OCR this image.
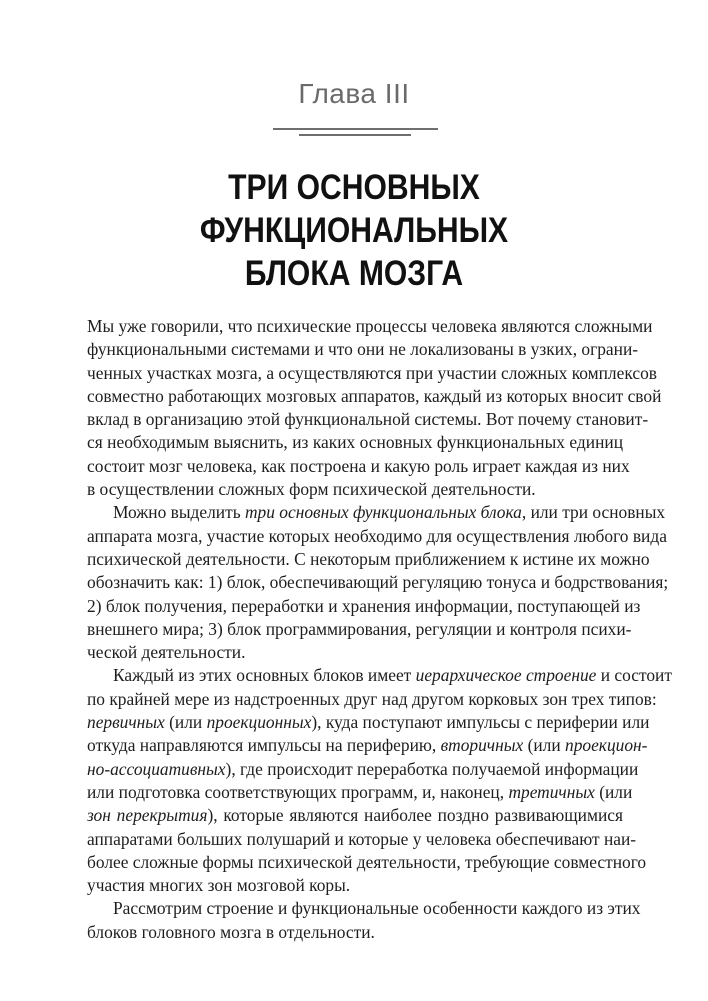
Глава III
ТРИ ОСНОВНЫХ
ФУНКЦИОНАЛЬНЫХ
БЛОКА МОЗГА

Мы уже говорили, что психические процессы человека являются сложными
функциональными системами и что они не локализованы в узких, ограни-
ченных участках мозга, а осуществляются при участии сложных комплексов
совместно работающих мозговых аппаратов, каждый из которых вносит свой
вклад в организацию этой функциональной системы. Вот почему становит-
ся необходимым выяснить, из каких основных функциональных единиц
состоит мозг человека, как построена и какую роль играет каждая из них
в осуществлении сложных форм психической деятельности.

Можно выделить три основных функциональных блока, или три основных
аппарата мозга, участие которых необходимо для осуществления любого вида
психической деятельности. С некоторым приближением к истине их можно
обозначить как: 1) блок, обеспечивающий регуляцию тонуса и бодрствования;
2) блок получения, переработки и хранения информации, поступающей из
внешнего мира; 3) блок программирования, регуляции и контроля психи-
ческой деятельности.

Каждый из этих основных блоков имеет иерархическое строение и состоит
по крайней мере из надстроенных друг над другом корковых зон трех типов:
первичных (или проекционных), куда поступают импульсы с периферии или
откуда направляются импульсы на периферию, вторичных (или проекцион-
но-ассоциативных), где происходит переработка получаемой информации
или подготовка соответствующих программ, и, наконец, третичных (или
зон перекрытия), которые являются наиболее поздно развивающимися
аппаратами больших полушарий и которые у человека обеспечивают наи-
более сложные формы психической деятельности, требующие совместного
участия многих зон мозговой коры.

Рассмотрим строение и функциональные особенности каждого из этих
блоков головного мозга в отдельности.
